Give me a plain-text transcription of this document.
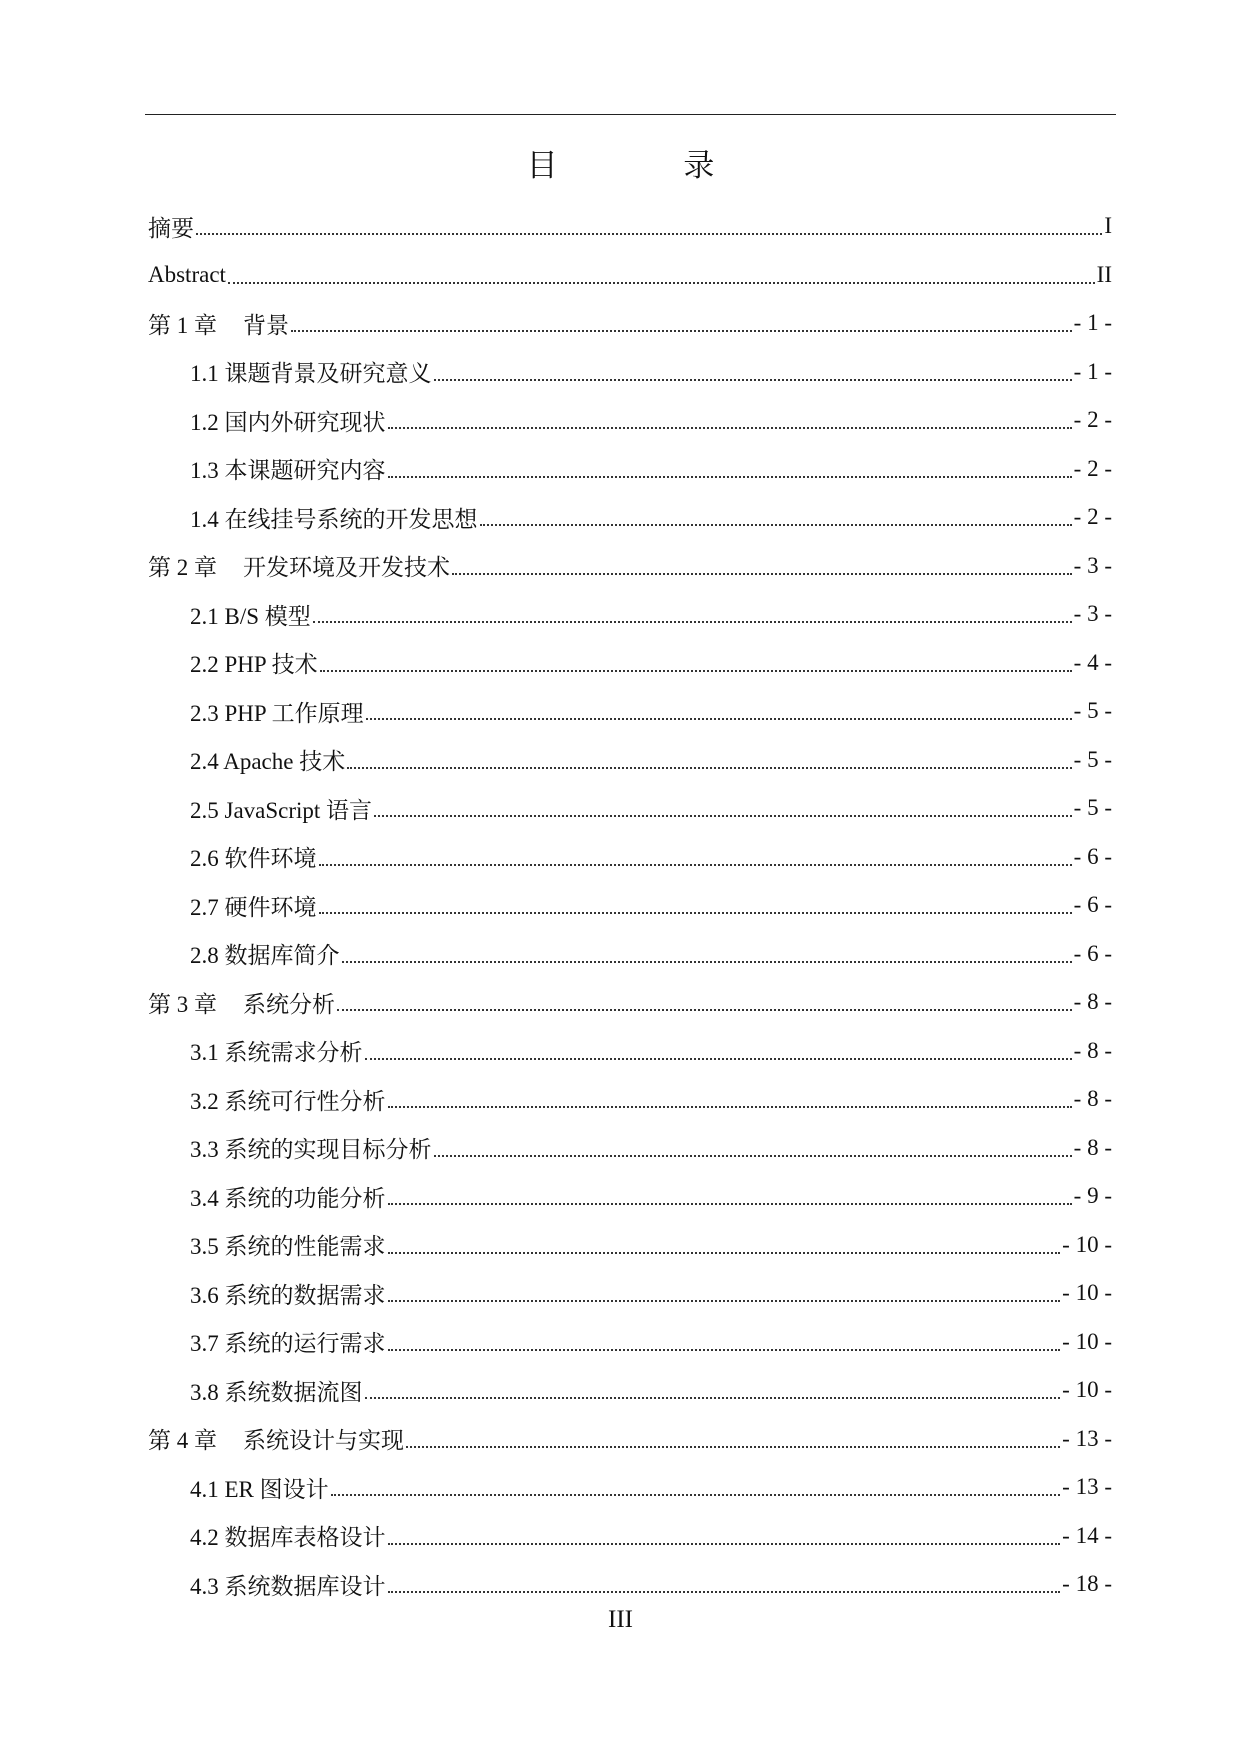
目 录
摘要	I
Abstract	II
第 1 章 背景	- 1 -
1.1 课题背景及研究意义	- 1 -
1.2 国内外研究现状	- 2 -
1.3 本课题研究内容	- 2 -
1.4 在线挂号系统的开发思想	- 2 -
第 2 章 开发环境及开发技术	- 3 -
2.1 B/S 模型	- 3 -
2.2 PHP 技术	- 4 -
2.3 PHP 工作原理	- 5 -
2.4 Apache 技术	- 5 -
2.5 JavaScript 语言	- 5 -
2.6 软件环境	- 6 -
2.7 硬件环境	- 6 -
2.8 数据库简介	- 6 -
第 3 章 系统分析	- 8 -
3.1 系统需求分析	- 8 -
3.2 系统可行性分析	- 8 -
3.3 系统的实现目标分析	- 8 -
3.4 系统的功能分析	- 9 -
3.5 系统的性能需求	- 10 -
3.6 系统的数据需求	- 10 -
3.7 系统的运行需求	- 10 -
3.8 系统数据流图	- 10 -
第 4 章 系统设计与实现	- 13 -
4.1 ER 图设计	- 13 -
4.2 数据库表格设计	- 14 -
4.3 系统数据库设计	- 18 -
III
